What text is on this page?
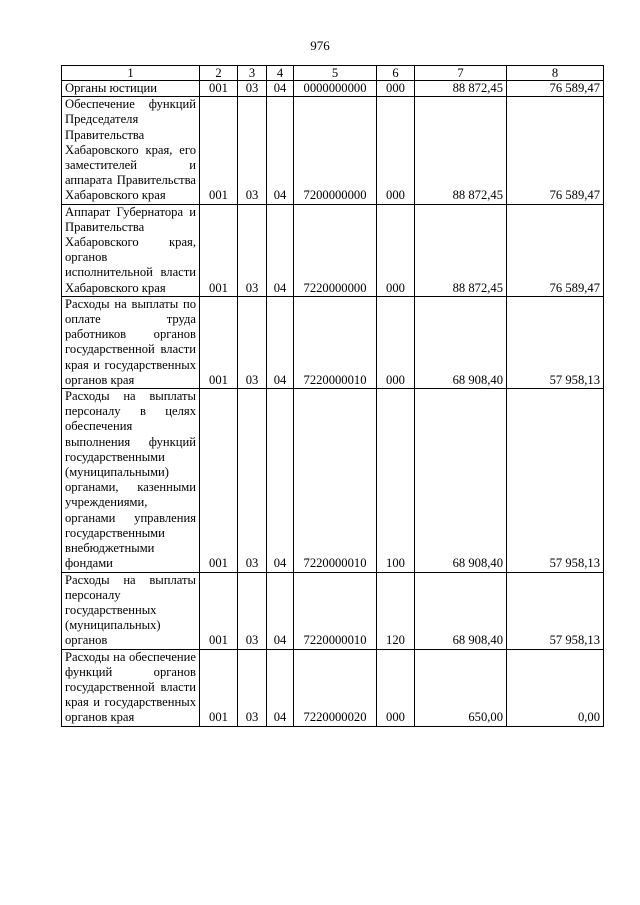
976
1	2	3	4	5	6	7	8
Органы юстиции	001	03	04	0000000000	000	88 872,45	76 589,47
Обеспечение функций Председателя Правительства Хабаровского края, его заместителей и аппарата Правительства Хабаровского края	001	03	04	7200000000	000	88 872,45	76 589,47
Аппарат Губернатора и Правительства Хабаровского края, органов исполнительной власти Хабаровского края	001	03	04	7220000000	000	88 872,45	76 589,47
Расходы на выплаты по оплате труда работников органов государственной власти края и государственных органов края	001	03	04	7220000010	000	68 908,40	57 958,13
Расходы на выплаты персоналу в целях обеспечения выполнения функций государственными (муниципальными) органами, казенными учреждениями, органами управления государственными внебюджетными фондами	001	03	04	7220000010	100	68 908,40	57 958,13
Расходы на выплаты персоналу государственных (муниципальных) органов	001	03	04	7220000010	120	68 908,40	57 958,13
Расходы на обеспечение функций органов государственной власти края и государственных органов края	001	03	04	7220000020	000	650,00	0,00
